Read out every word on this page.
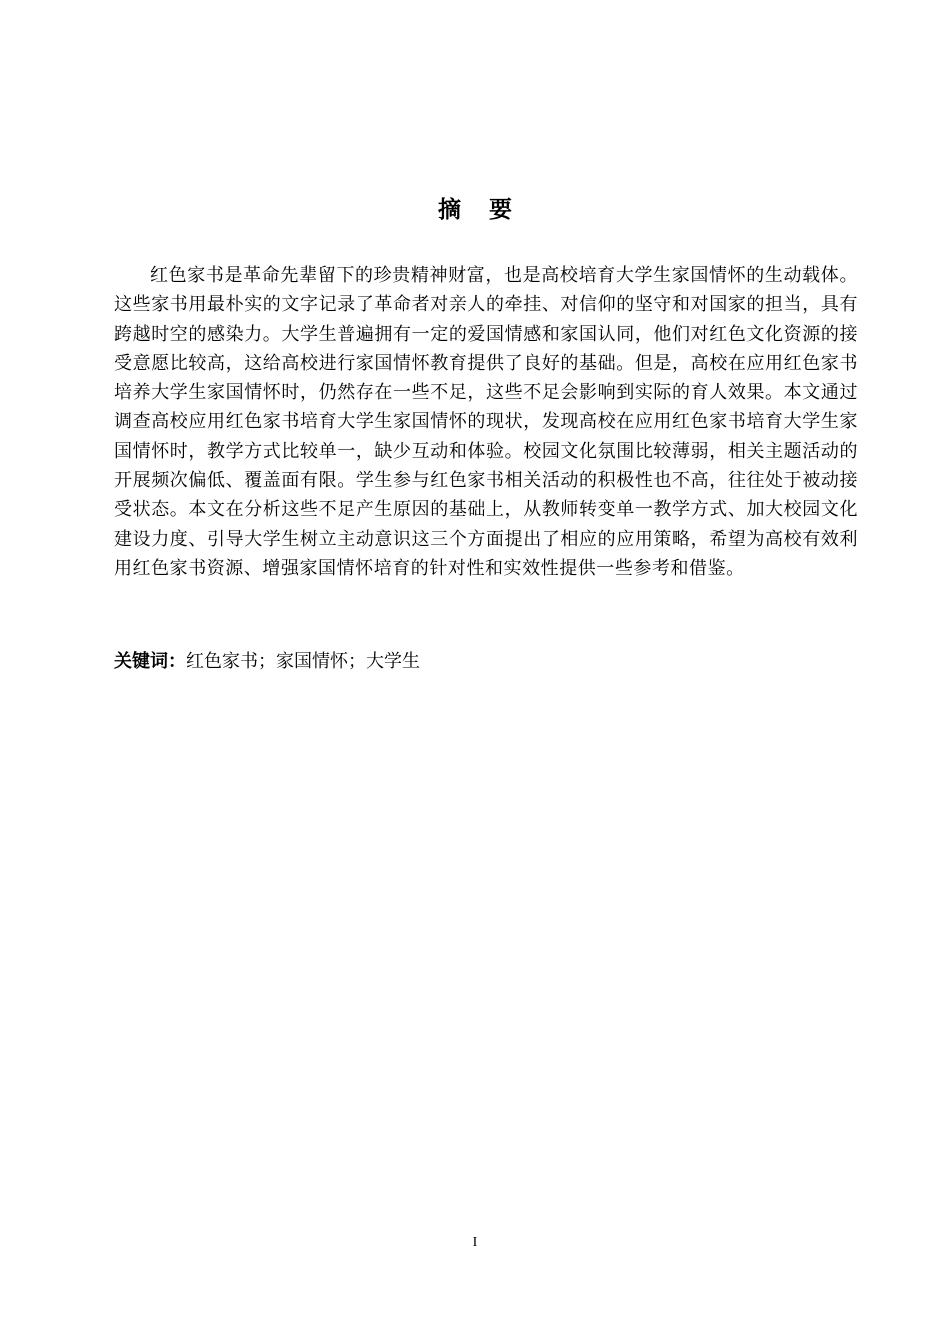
摘要

红色家书是革命先辈留下的珍贵精神财富，也是高校培育大学生家国情怀的生动载体。这些家书用最朴实的文字记录了革命者对亲人的牵挂、对信仰的坚守和对国家的担当，具有跨越时空的感染力。大学生普遍拥有一定的爱国情感和家国认同，他们对红色文化资源的接受意愿比较高，这给高校进行家国情怀教育提供了良好的基础。但是，高校在应用红色家书培养大学生家国情怀时，仍然存在一些不足，这些不足会影响到实际的育人效果。本文通过调查高校应用红色家书培育大学生家国情怀的现状，发现高校在应用红色家书培育大学生家国情怀时，教学方式比较单一，缺少互动和体验。校园文化氛围比较薄弱，相关主题活动的开展频次偏低、覆盖面有限。学生参与红色家书相关活动的积极性也不高，往往处于被动接受状态。本文在分析这些不足产生原因的基础上，从教师转变单一教学方式、加大校园文化建设力度、引导大学生树立主动意识这三个方面提出了相应的应用策略，希望为高校有效利用红色家书资源、增强家国情怀培育的针对性和实效性提供一些参考和借鉴。

关键词：红色家书；家国情怀；大学生

I
